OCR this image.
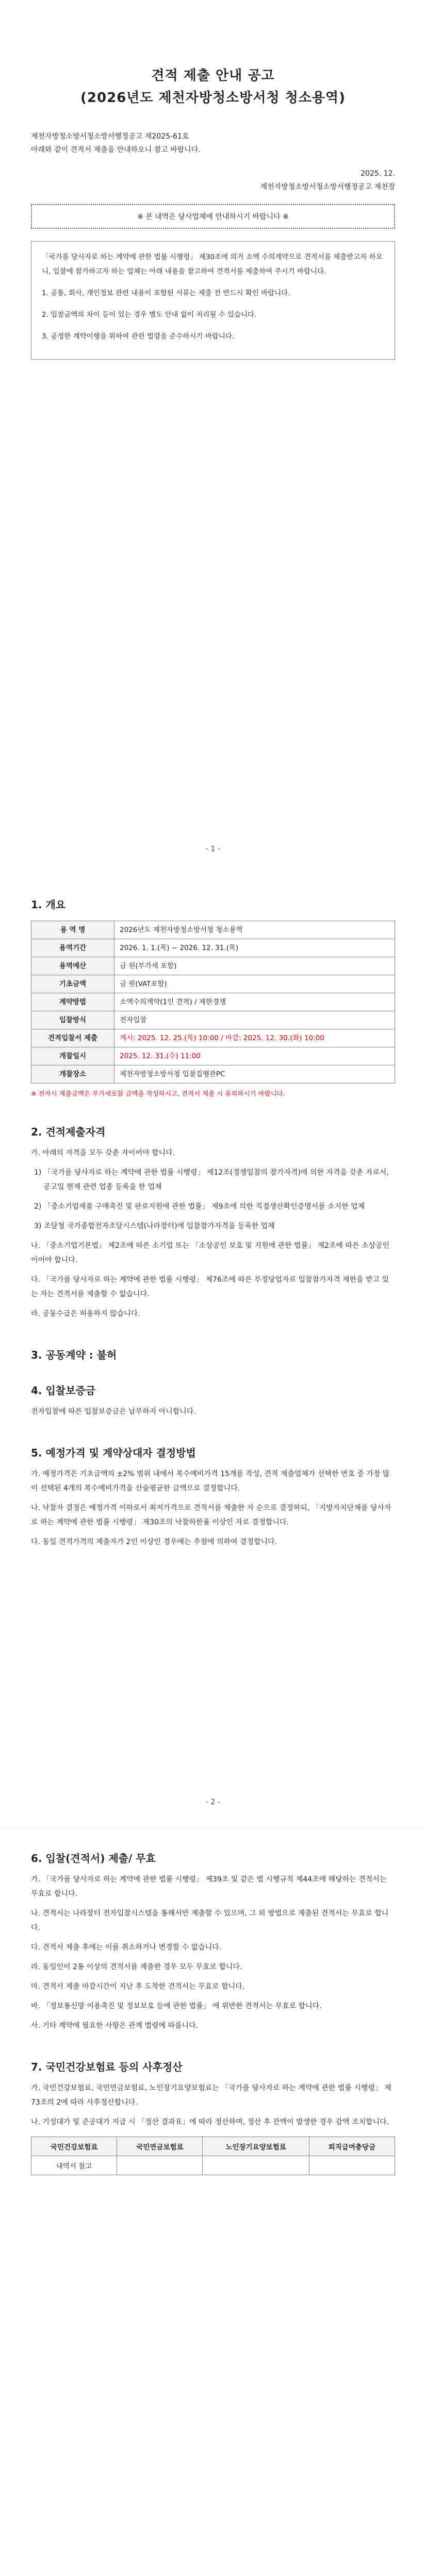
견적 제출 안내 공고
(2026년도 제천자방청소방서청 청소용역)
제천자방청소방서청소방서행정공고 제2025-61호
아래와 같이 견적서 제출을 안내하오니 참고 바랍니다.
2025. 12.
제천자방청소방서청소방서행정공고 제천장
※ 본 내역은 당사업체에 안내하시기 바랍니다 ※

「국가를 당사자로 하는 계약에 관한 법률 시행령」 제30조에 의거 소액 수의계약으로 견적서를 제출받고자 하오니, 입찰에 참가하고자 하는 업체는 아래 내용을 참고하여 견적서를 제출하여 주시기 바랍니다.

1. 공통, 회사, 개인정보 관련 내용이 포함된 서류는 제출 전 반드시 확인 바랍니다.

2. 입찰금액의 차이 등이 있는 경우 별도 안내 없이 처리될 수 있습니다.

3. 공정한 계약이행을 위하여 관련 법령을 준수하시기 바랍니다.

- 1 -
1. 개요
용 역 명	2026년도 제천자방청소방서청 청소용역
용역기간	2026. 1. 1.(목) ~ 2026. 12. 31.(목)
용역예산	금 원(부가세 포함)
기초금액	금 원(VAT포함)
계약방법	소액수의계약(1인 견적) / 제한경쟁
입찰방식	전자입찰
견적입찰서 제출	개시: 2025. 12. 25.(목) 10:00 / 마감: 2025. 12. 30.(화) 10:00
개찰일시	2025. 12. 31.(수) 11:00
개찰장소	제천자방청소방서청 입찰집행관PC
※ 전자시 제출금액은 부가세포함 금액을 작성하시고, 견적서 제출 시 유의하시기 바랍니다.
2. 견적제출자격

가. 아래의 자격을 모두 갖춘 자이어야 합니다.

1) 「국가를 당사자로 하는 계약에 관한 법률 시행령」 제12조(경쟁입찰의 참가자격)에 의한 자격을 갖춘 자로서, 공고일 현재 관련 업종 등록을 한 업체

2) 「중소기업제품 구매촉진 및 판로지원에 관한 법률」 제9조에 의한 직접생산확인증명서를 소지한 업체

3) 조달청 국가종합전자조달시스템(나라장터)에 입찰참가자격을 등록한 업체

나. 「중소기업기본법」 제2조에 따른 소기업 또는 「소상공인 보호 및 지원에 관한 법률」 제2조에 따른 소상공인이어야 합니다.

다. 「국가를 당사자로 하는 계약에 관한 법률 시행령」 제76조에 따른 부정당업자로 입찰참가자격 제한을 받고 있는 자는 견적서를 제출할 수 없습니다.

라. 공동수급은 허용하지 않습니다.

3. 공동계약 : 불허
4. 입찰보증금

전자입찰에 따른 입찰보증금은 납부하지 아니합니다.

5. 예정가격 및 계약상대자 결정방법

가. 예정가격은 기초금액의 ±2% 범위 내에서 복수예비가격 15개를 작성, 견적 제출업체가 선택한 번호 중 가장 많이 선택된 4개의 복수예비가격을 산술평균한 금액으로 결정합니다.

나. 낙찰자 결정은 예정가격 이하로서 최저가격으로 견적서를 제출한 자 순으로 결정하되, 「지방자치단체를 당사자로 하는 계약에 관한 법률 시행령」 제30조의 낙찰하한율 이상인 자로 결정합니다.

다. 동일 견적가격의 제출자가 2인 이상인 경우에는 추첨에 의하여 결정합니다.

- 2 -
6. 입찰(견적서) 제출/ 무효

가. 「국가를 당사자로 하는 계약에 관한 법률 시행령」 제39조 및 같은 법 시행규칙 제44조에 해당하는 견적서는 무효로 합니다.

나. 견적서는 나라장터 전자입찰시스템을 통해서만 제출할 수 있으며, 그 외 방법으로 제출된 견적서는 무효로 합니다.

다. 견적서 제출 후에는 이를 취소하거나 변경할 수 없습니다.

라. 동일인이 2통 이상의 견적서를 제출한 경우 모두 무효로 합니다.

마. 견적서 제출 마감시간이 지난 후 도착한 견적서는 무효로 합니다.

바. 「정보통신망 이용촉진 및 정보보호 등에 관한 법률」 에 위반한 견적서는 무효로 합니다.

사. 기타 계약에 필요한 사항은 관계 법령에 따릅니다.

7. 국민건강보험료 등의 사후정산

가. 국민건강보험료, 국민연금보험료, 노인장기요양보험료는 「국가를 당사자로 하는 계약에 관한 법률 시행령」 제73조의 2에 따라 사후정산합니다.

나. 기성대가 및 준공대가 지급 시 「정산 결과표」에 따라 정산하며, 정산 후 잔액이 발생한 경우 감액 조치합니다.

국민건강보험료	국민연금보험료	노인장기요양보험료	퇴직급여충당금
내역서 참고			
